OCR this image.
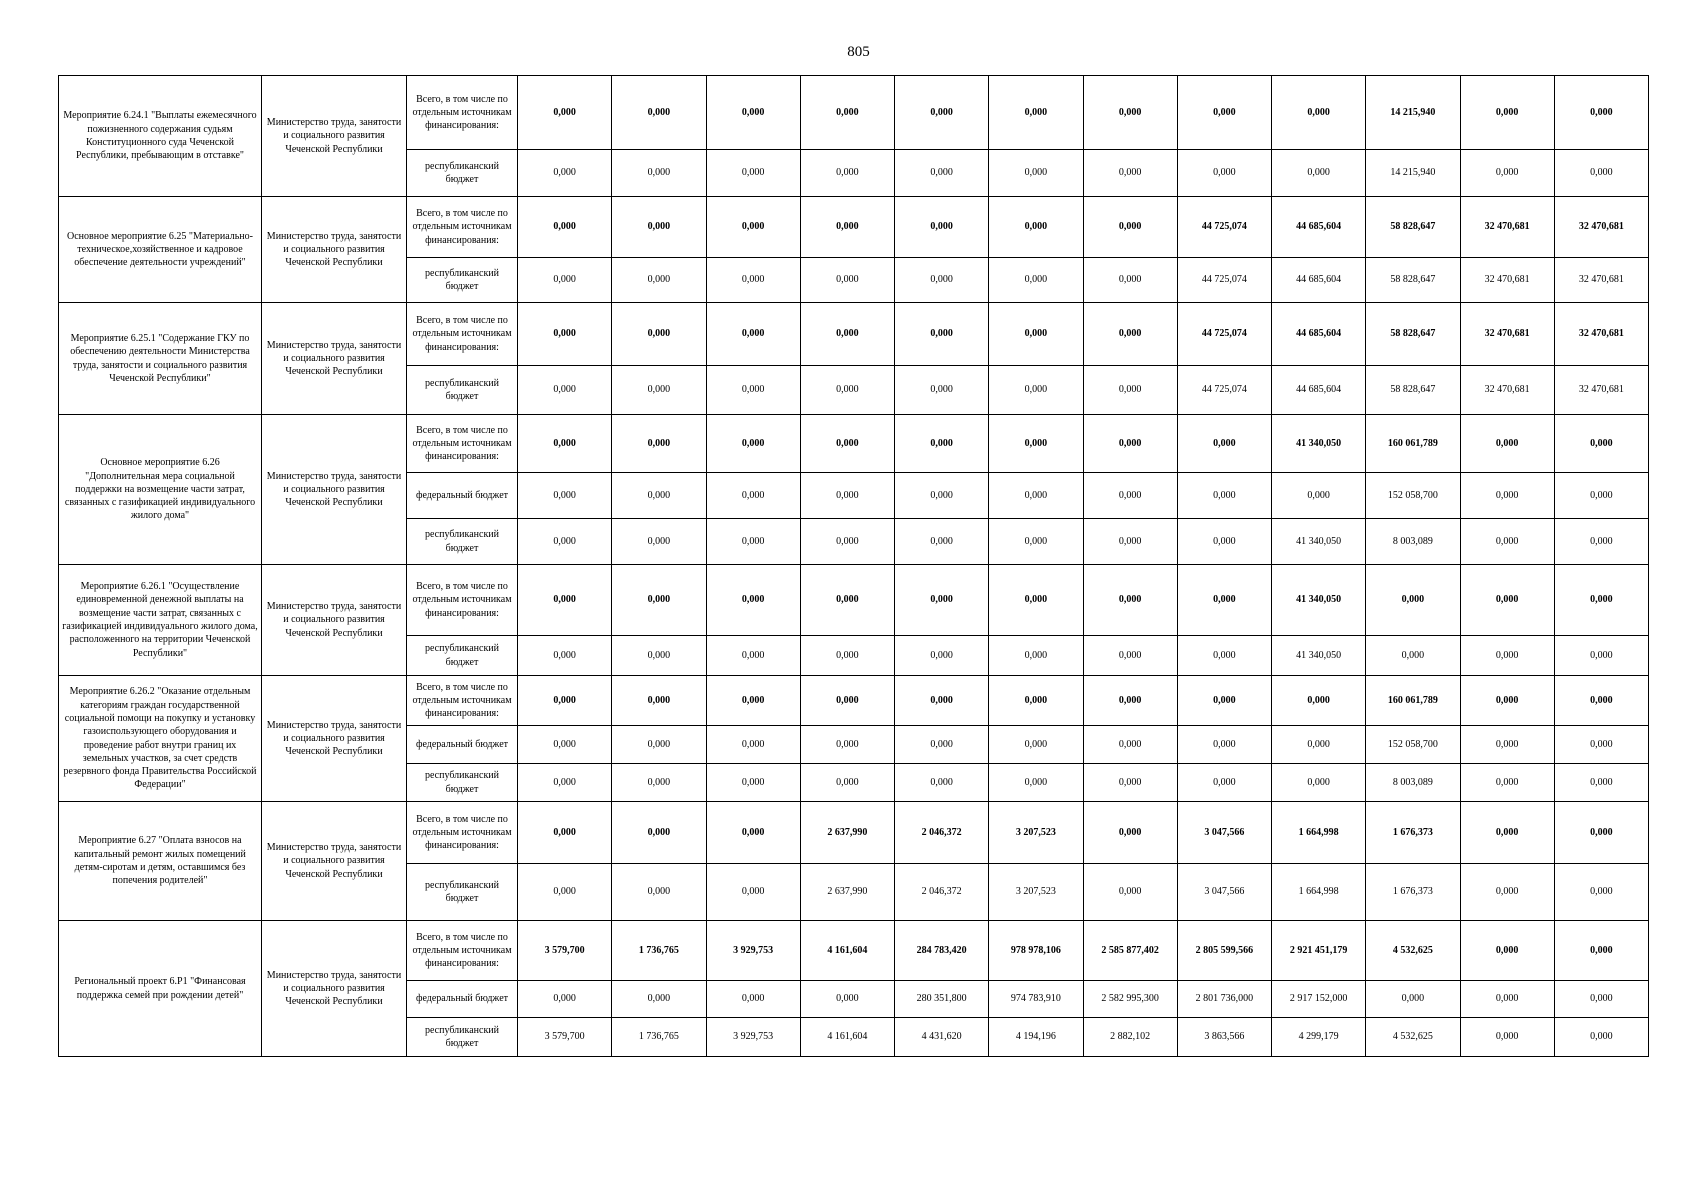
805
Мероприятие 6.24.1 "Выплаты ежемесячного пожизненного содержания судьям Конституционного суда Чеченской Республики, пребывающим в отставке"	Министерство труда, занятости и социального развития Чеченской Республики	Всего, в том числе по отдельным источникам финансирования:	0,000	0,000	0,000	0,000	0,000	0,000	0,000	0,000	0,000	14 215,940	0,000	0,000
		республиканский бюджет	0,000	0,000	0,000	0,000	0,000	0,000	0,000	0,000	0,000	14 215,940	0,000	0,000
Основное мероприятие 6.25 "Материально-техническое,хозяйственное и кадровое обеспечение деятельности учреждений"	Министерство труда, занятости и социального развития Чеченской Республики	Всего, в том числе по отдельным источникам финансирования:	0,000	0,000	0,000	0,000	0,000	0,000	0,000	44 725,074	44 685,604	58 828,647	32 470,681	32 470,681
		республиканский бюджет	0,000	0,000	0,000	0,000	0,000	0,000	0,000	44 725,074	44 685,604	58 828,647	32 470,681	32 470,681
Мероприятие 6.25.1 "Содержание ГКУ по обеспечению деятельности Министерства труда, занятости и социального развития Чеченской Республики"	Министерство труда, занятости и социального развития Чеченской Республики	Всего, в том числе по отдельным источникам финансирования:	0,000	0,000	0,000	0,000	0,000	0,000	0,000	44 725,074	44 685,604	58 828,647	32 470,681	32 470,681
		республиканский бюджет	0,000	0,000	0,000	0,000	0,000	0,000	0,000	44 725,074	44 685,604	58 828,647	32 470,681	32 470,681
Основное мероприятие 6.26 "Дополнительная мера социальной поддержки на возмещение части затрат, связанных с газификацией индивидуального жилого дома"	Министерство труда, занятости и социального развития Чеченской Республики	Всего, в том числе по отдельным источникам финансирования:	0,000	0,000	0,000	0,000	0,000	0,000	0,000	0,000	41 340,050	160 061,789	0,000	0,000
		федеральный бюджет	0,000	0,000	0,000	0,000	0,000	0,000	0,000	0,000	0,000	152 058,700	0,000	0,000
		республиканский бюджет	0,000	0,000	0,000	0,000	0,000	0,000	0,000	0,000	41 340,050	8 003,089	0,000	0,000
Мероприятие 6.26.1 "Осуществление единовременной денежной выплаты на возмещение части затрат, связанных с газификацией индивидуального жилого дома, расположенного на территории Чеченской Республики"	Министерство труда, занятости и социального развития Чеченской Республики	Всего, в том числе по отдельным источникам финансирования:	0,000	0,000	0,000	0,000	0,000	0,000	0,000	0,000	41 340,050	0,000	0,000	0,000
		республиканский бюджет	0,000	0,000	0,000	0,000	0,000	0,000	0,000	0,000	41 340,050	0,000	0,000	0,000
Мероприятие 6.26.2 "Оказание отдельным категориям граждан государственной социальной помощи на покупку и установку газоиспользующего оборудования и проведение работ внутри границ их земельных участков, за счет средств резервного фонда Правительства Российской Федерации"	Министерство труда, занятости и социального развития Чеченской Республики	Всего, в том числе по отдельным источникам финансирования:	0,000	0,000	0,000	0,000	0,000	0,000	0,000	0,000	0,000	160 061,789	0,000	0,000
		федеральный бюджет	0,000	0,000	0,000	0,000	0,000	0,000	0,000	0,000	0,000	152 058,700	0,000	0,000
		республиканский бюджет	0,000	0,000	0,000	0,000	0,000	0,000	0,000	0,000	0,000	8 003,089	0,000	0,000
Мероприятие 6.27 "Оплата взносов на капитальный ремонт жилых помещений детям-сиротам и детям, оставшимся без попечения родителей"	Министерство труда, занятости и социального развития Чеченской Республики	Всего, в том числе по отдельным источникам финансирования:	0,000	0,000	0,000	2 637,990	2 046,372	3 207,523	0,000	3 047,566	1 664,998	1 676,373	0,000	0,000
		республиканский бюджет	0,000	0,000	0,000	2 637,990	2 046,372	3 207,523	0,000	3 047,566	1 664,998	1 676,373	0,000	0,000
Региональный проект 6.P1 "Финансовая поддержка семей при рождении детей"	Министерство труда, занятости и социального развития Чеченской Республики	Всего, в том числе по отдельным источникам финансирования:	3 579,700	1 736,765	3 929,753	4 161,604	284 783,420	978 978,106	2 585 877,402	2 805 599,566	2 921 451,179	4 532,625	0,000	0,000
		федеральный бюджет	0,000	0,000	0,000	0,000	280 351,800	974 783,910	2 582 995,300	2 801 736,000	2 917 152,000	0,000	0,000	0,000
		республиканский бюджет	3 579,700	1 736,765	3 929,753	4 161,604	4 431,620	4 194,196	2 882,102	3 863,566	4 299,179	4 532,625	0,000	0,000
